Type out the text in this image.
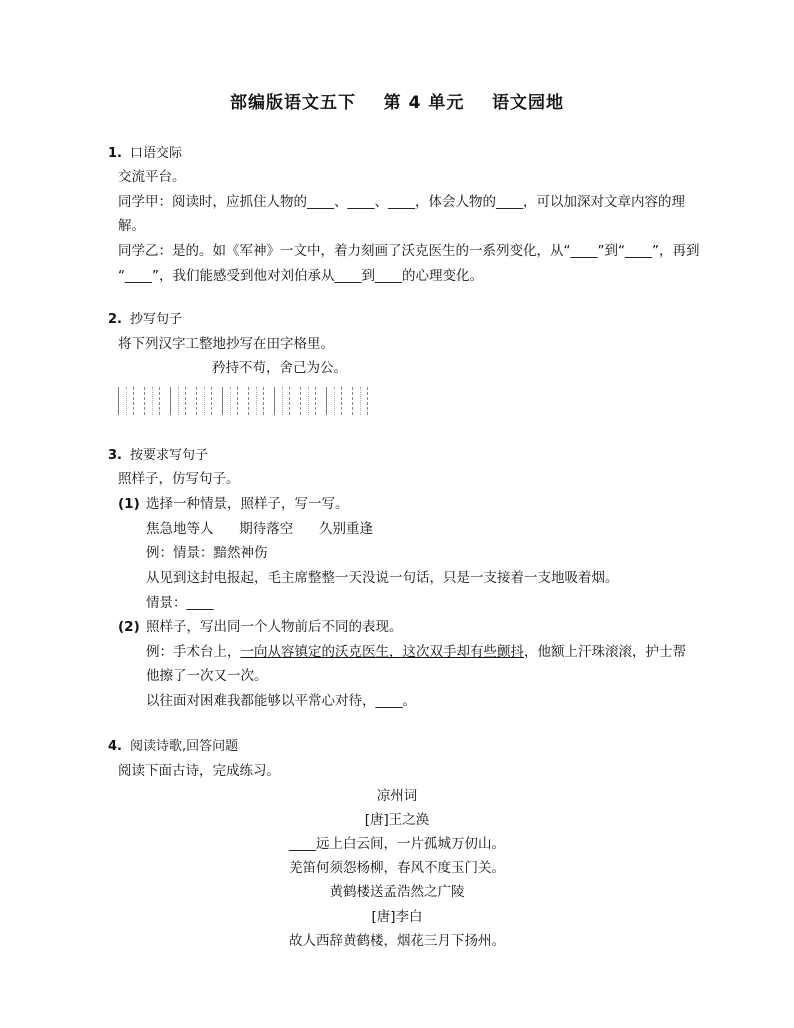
部编版语文五下    第 4 单元    语文园地
1. 口语交际
交流平台。
同学甲：阅读时，应抓住人物的____、____、____，体会人物的____，可以加深对文章内容的理
解。
同学乙：是的。如《军神》一文中，着力刻画了沃克医生的一系列变化，从“____”到“____”，再到
“____”，我们能感受到他对刘伯承从____到____的心理变化。
2. 抄写句子
将下列汉字工整地抄写在田字格里。
矜持不苟，舍己为公。
3. 按要求写句子
照样子，仿写句子。
(1) 选择一种情景，照样子，写一写。
焦急地等人      期待落空      久别重逢
例：情景：黯然神伤
从见到这封电报起，毛主席整整一天没说一句话，只是一支接着一支地吸着烟。
情景：____
(2) 照样子，写出同一个人物前后不同的表现。
例：手术台上，一向从容镇定的沃克医生，这次双手却有些颤抖，他额上汗珠滚滚，护士帮
他擦了一次又一次。
以往面对困难我都能够以平常心对待，____。
4. 阅读诗歌,回答问题
阅读下面古诗，完成练习。
凉州词
[唐]王之涣
____远上白云间，一片孤城万仞山。
羌笛何须怨杨柳，春风不度玉门关。
黄鹤楼送孟浩然之广陵
[唐]李白
故人西辞黄鹤楼，烟花三月下扬州。
